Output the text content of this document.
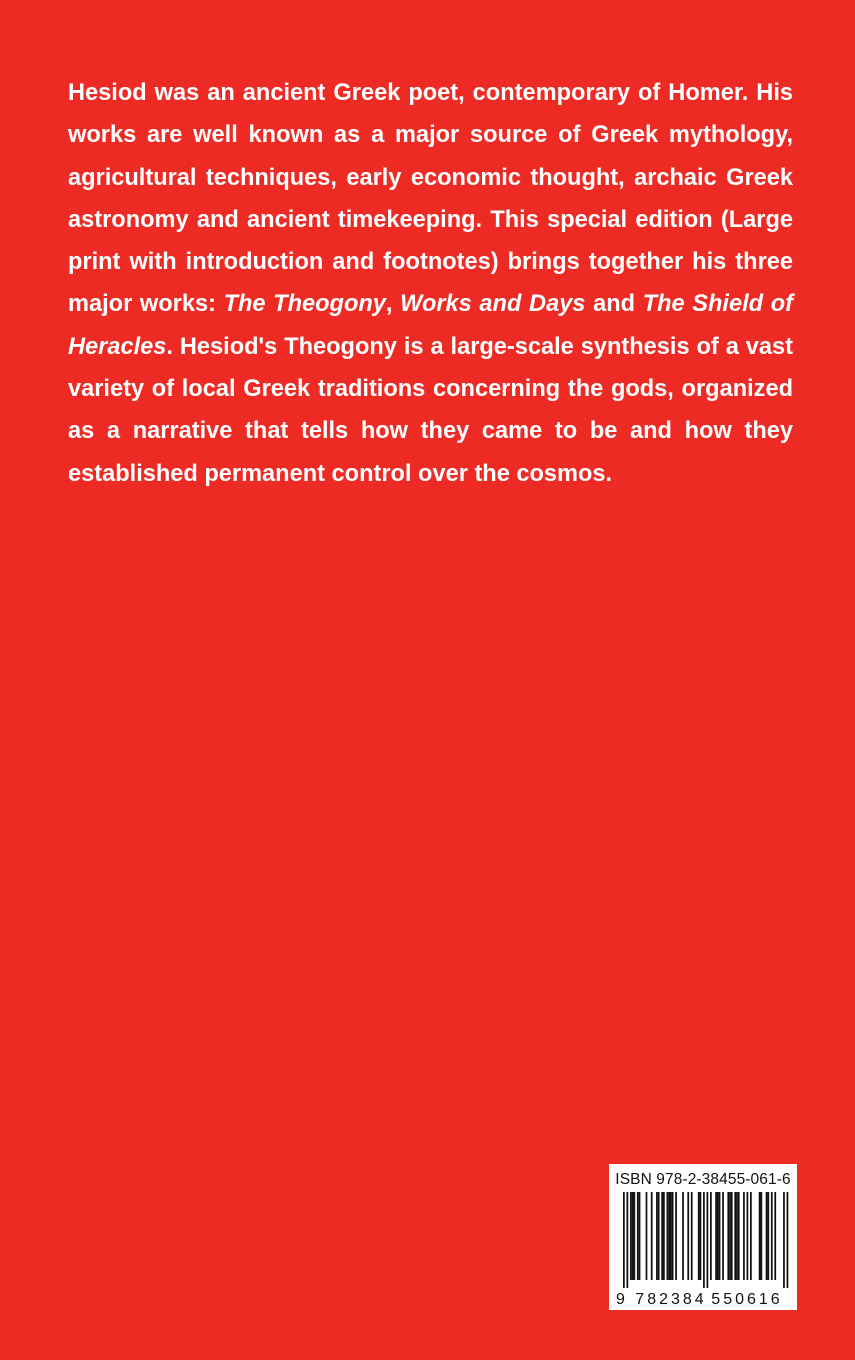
Hesiod was an ancient Greek poet, contemporary of Homer. His works are well known as a major source of Greek mythology, agricultural techniques, early economic thought, archaic Greek astronomy and ancient timekeeping. This special edition (Large print with introduction and footnotes) brings together his three major works: The Theogony, Works and Days and The Shield of Heracles. Hesiod's Theogony is a large-scale synthesis of a vast variety of local Greek traditions concerning the gods, organized as a narrative that tells how they came to be and how they established permanent control over the cosmos.

ISBN 978-2-38455-061-6
9 782384 550616
